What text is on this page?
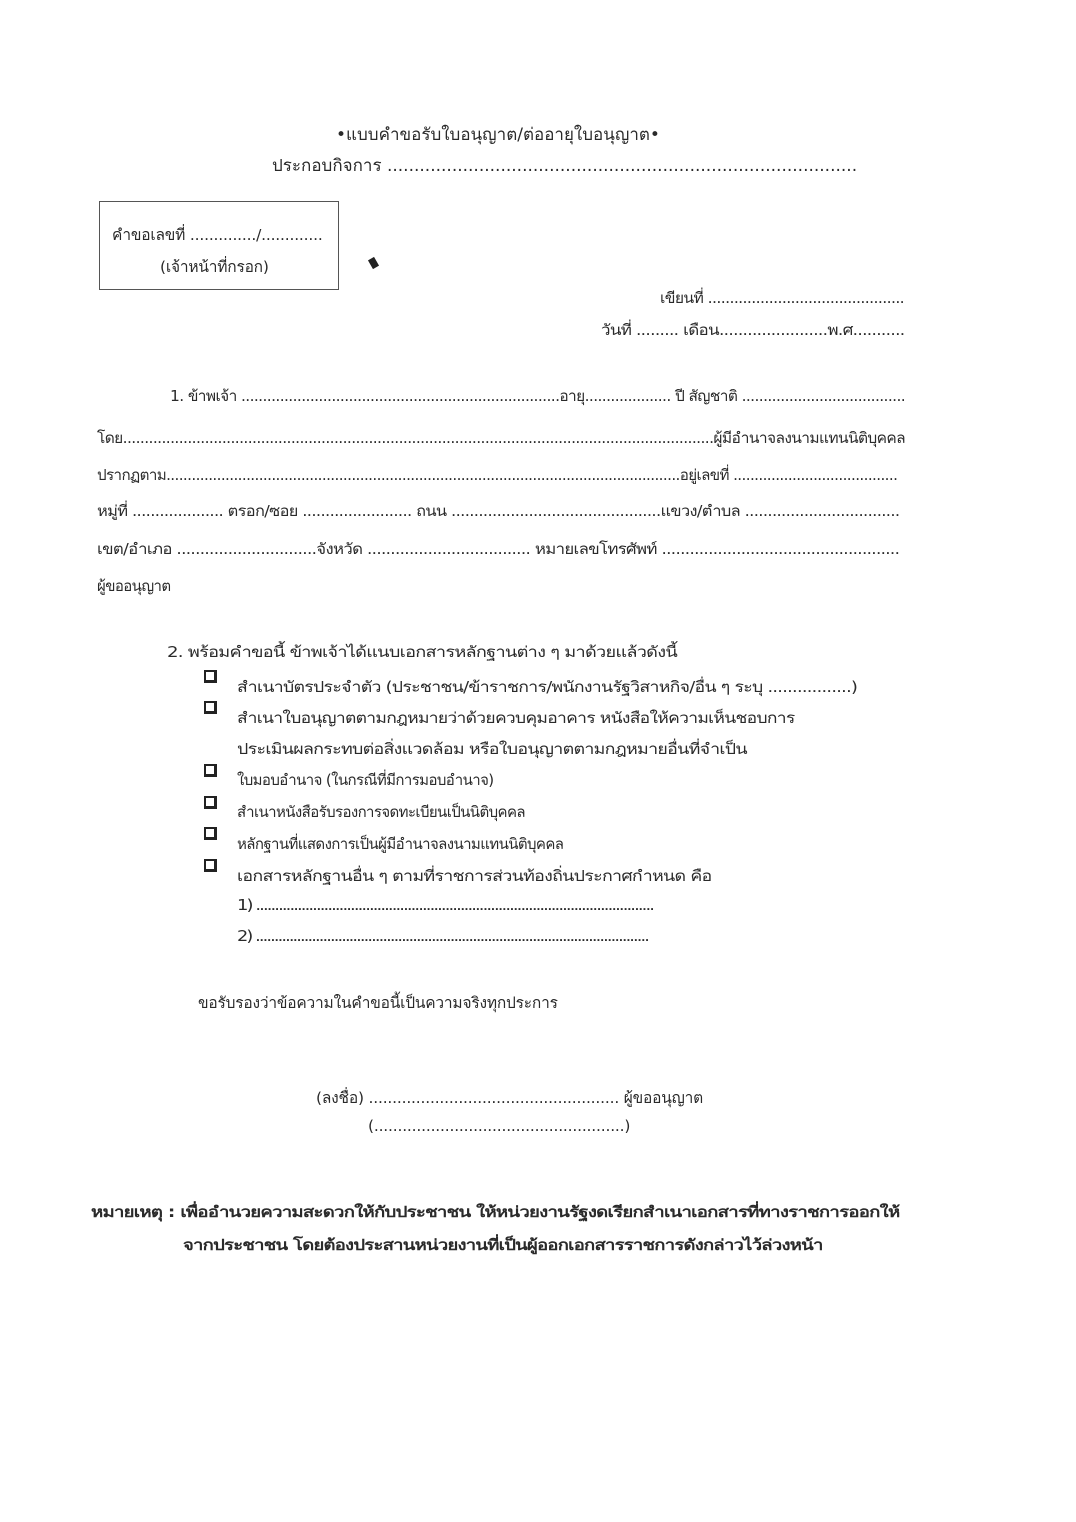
•แบบคำขอรับใบอนุญาต/ต่ออายุใบอนุญาต•
ประกอบกิจการ .......................................................................................
คำขอเลขที่ ............../.............
(เจ้าหน้าที่กรอก)
เขียนที่ .............................................
วันที่ ......... เดือน.......................พ.ศ...........
1. ข้าพเจ้า ..........................................................................อายุ.................... ปี สัญชาติ ......................................
โดย.........................................................................................................................................ผู้มีอำนาจลงนามแทนนิติบุคคล
ปรากฏตาม..........................................................................................................................อยู่เลขที่ .......................................
หมู่ที่ .................... ตรอก/ซอย ........................ ถนน ..............................................แขวง/ตำบล ..................................
เขต/อำเภอ ..............................จังหวัด ................................... หมายเลขโทรศัพท์ ...................................................
ผู้ขออนุญาต
2. พร้อมคำขอนี้ ข้าพเจ้าได้แนบเอกสารหลักฐานต่าง ๆ มาด้วยแล้วดังนี้
สำเนาบัตรประจำตัว (ประชาชน/ข้าราชการ/พนักงานรัฐวิสาหกิจ/อื่น ๆ ระบุ .................)
สำเนาใบอนุญาตตามกฎหมายว่าด้วยควบคุมอาคาร หนังสือให้ความเห็นชอบการ
ประเมินผลกระทบต่อสิ่งแวดล้อม หรือใบอนุญาตตามกฎหมายอื่นที่จำเป็น
ใบมอบอำนาจ (ในกรณีที่มีการมอบอำนาจ)
สำเนาหนังสือรับรองการจดทะเบียนเป็นนิติบุคคล
หลักฐานที่แสดงการเป็นผู้มีอำนาจลงนามแทนนิติบุคคล
เอกสารหลักฐานอื่น ๆ ตามที่ราชการส่วนท้องถิ่นประกาศกำหนด คือ
1) .........................................................................................................
2) .........................................................................................................
ขอรับรองว่าข้อความในคำขอนี้เป็นความจริงทุกประการ
(ลงชื่อ) ..................................................... ผู้ขออนุญาต
(.....................................................)
หมายเหตุ : เพื่ออำนวยความสะดวกให้กับประชาชน ให้หน่วยงานรัฐงดเรียกสำเนาเอกสารที่ทางราชการออกให้
จากประชาชน โดยต้องประสานหน่วยงานที่เป็นผู้ออกเอกสารราชการดังกล่าวไว้ล่วงหน้า
